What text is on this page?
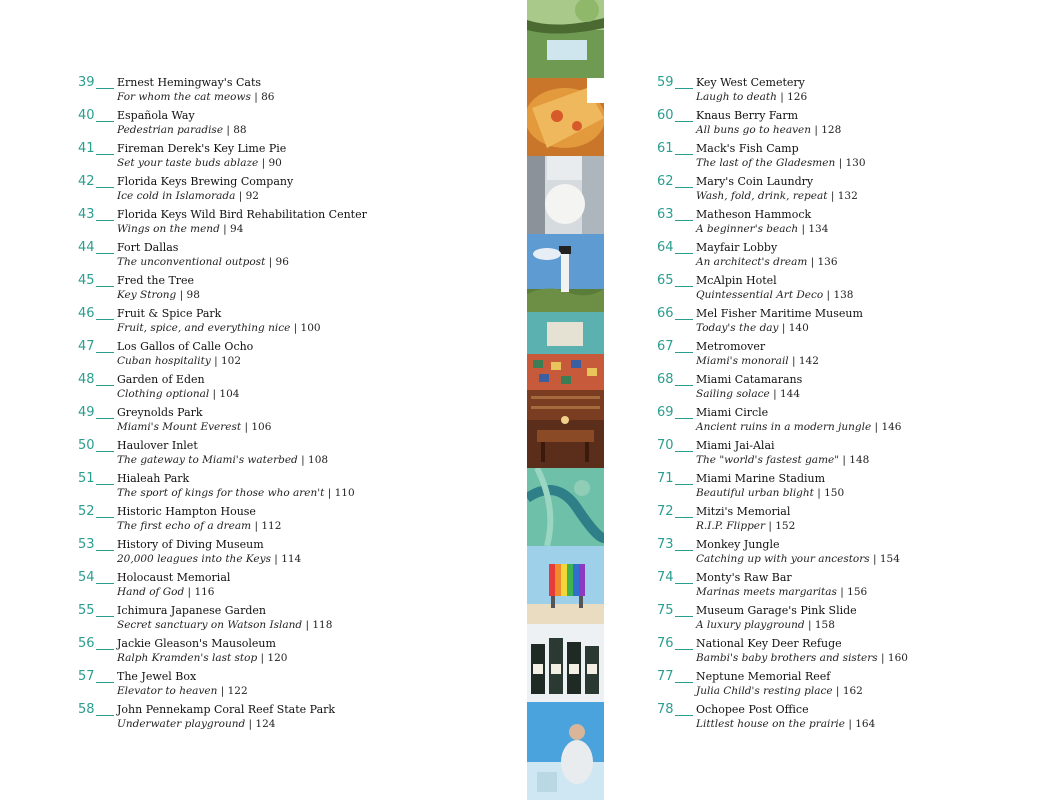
39 Ernest Hemingway's Cats
For whom the cat meows | 86
40 Española Way
Pedestrian paradise | 88
41 Fireman Derek's Key Lime Pie
Set your taste buds ablaze | 90
42 Florida Keys Brewing Company
Ice cold in Islamorada | 92
43 Florida Keys Wild Bird Rehabilitation Center
Wings on the mend | 94
44 Fort Dallas
The unconventional outpost | 96
45 Fred the Tree
Key Strong | 98
46 Fruit & Spice Park
Fruit, spice, and everything nice | 100
47 Los Gallos of Calle Ocho
Cuban hospitality | 102
48 Garden of Eden
Clothing optional | 104
49 Greynolds Park
Miami's Mount Everest | 106
50 Haulover Inlet
The gateway to Miami's waterbed | 108
51 Hialeah Park
The sport of kings for those who aren't | 110
52 Historic Hampton House
The first echo of a dream | 112
53 History of Diving Museum
20,000 leagues into the Keys | 114
54 Holocaust Memorial
Hand of God | 116
55 Ichimura Japanese Garden
Secret sanctuary on Watson Island | 118
56 Jackie Gleason's Mausoleum
Ralph Kramden's last stop | 120
57 The Jewel Box
Elevator to heaven | 122
58 John Pennekamp Coral Reef State Park
Underwater playground | 124
59 Key West Cemetery
Laugh to death | 126
60 Knaus Berry Farm
All buns go to heaven | 128
61 Mack's Fish Camp
The last of the Gladesmen | 130
62 Mary's Coin Laundry
Wash, fold, drink, repeat | 132
63 Matheson Hammock
A beginner's beach | 134
64 Mayfair Lobby
An architect's dream | 136
65 McAlpin Hotel
Quintessential Art Deco | 138
66 Mel Fisher Maritime Museum
Today's the day | 140
67 Metromover
Miami's monorail | 142
68 Miami Catamarans
Sailing solace | 144
69 Miami Circle
Ancient ruins in a modern jungle | 146
70 Miami Jai-Alai
The "world's fastest game" | 148
71 Miami Marine Stadium
Beautiful urban blight | 150
72 Mitzi's Memorial
R.I.P. Flipper | 152
73 Monkey Jungle
Catching up with your ancestors | 154
74 Monty's Raw Bar
Marinas meets margaritas | 156
75 Museum Garage's Pink Slide
A luxury playground | 158
76 National Key Deer Refuge
Bambi's baby brothers and sisters | 160
77 Neptune Memorial Reef
Julia Child's resting place | 162
78 Ochopee Post Office
Littlest house on the prairie | 164
